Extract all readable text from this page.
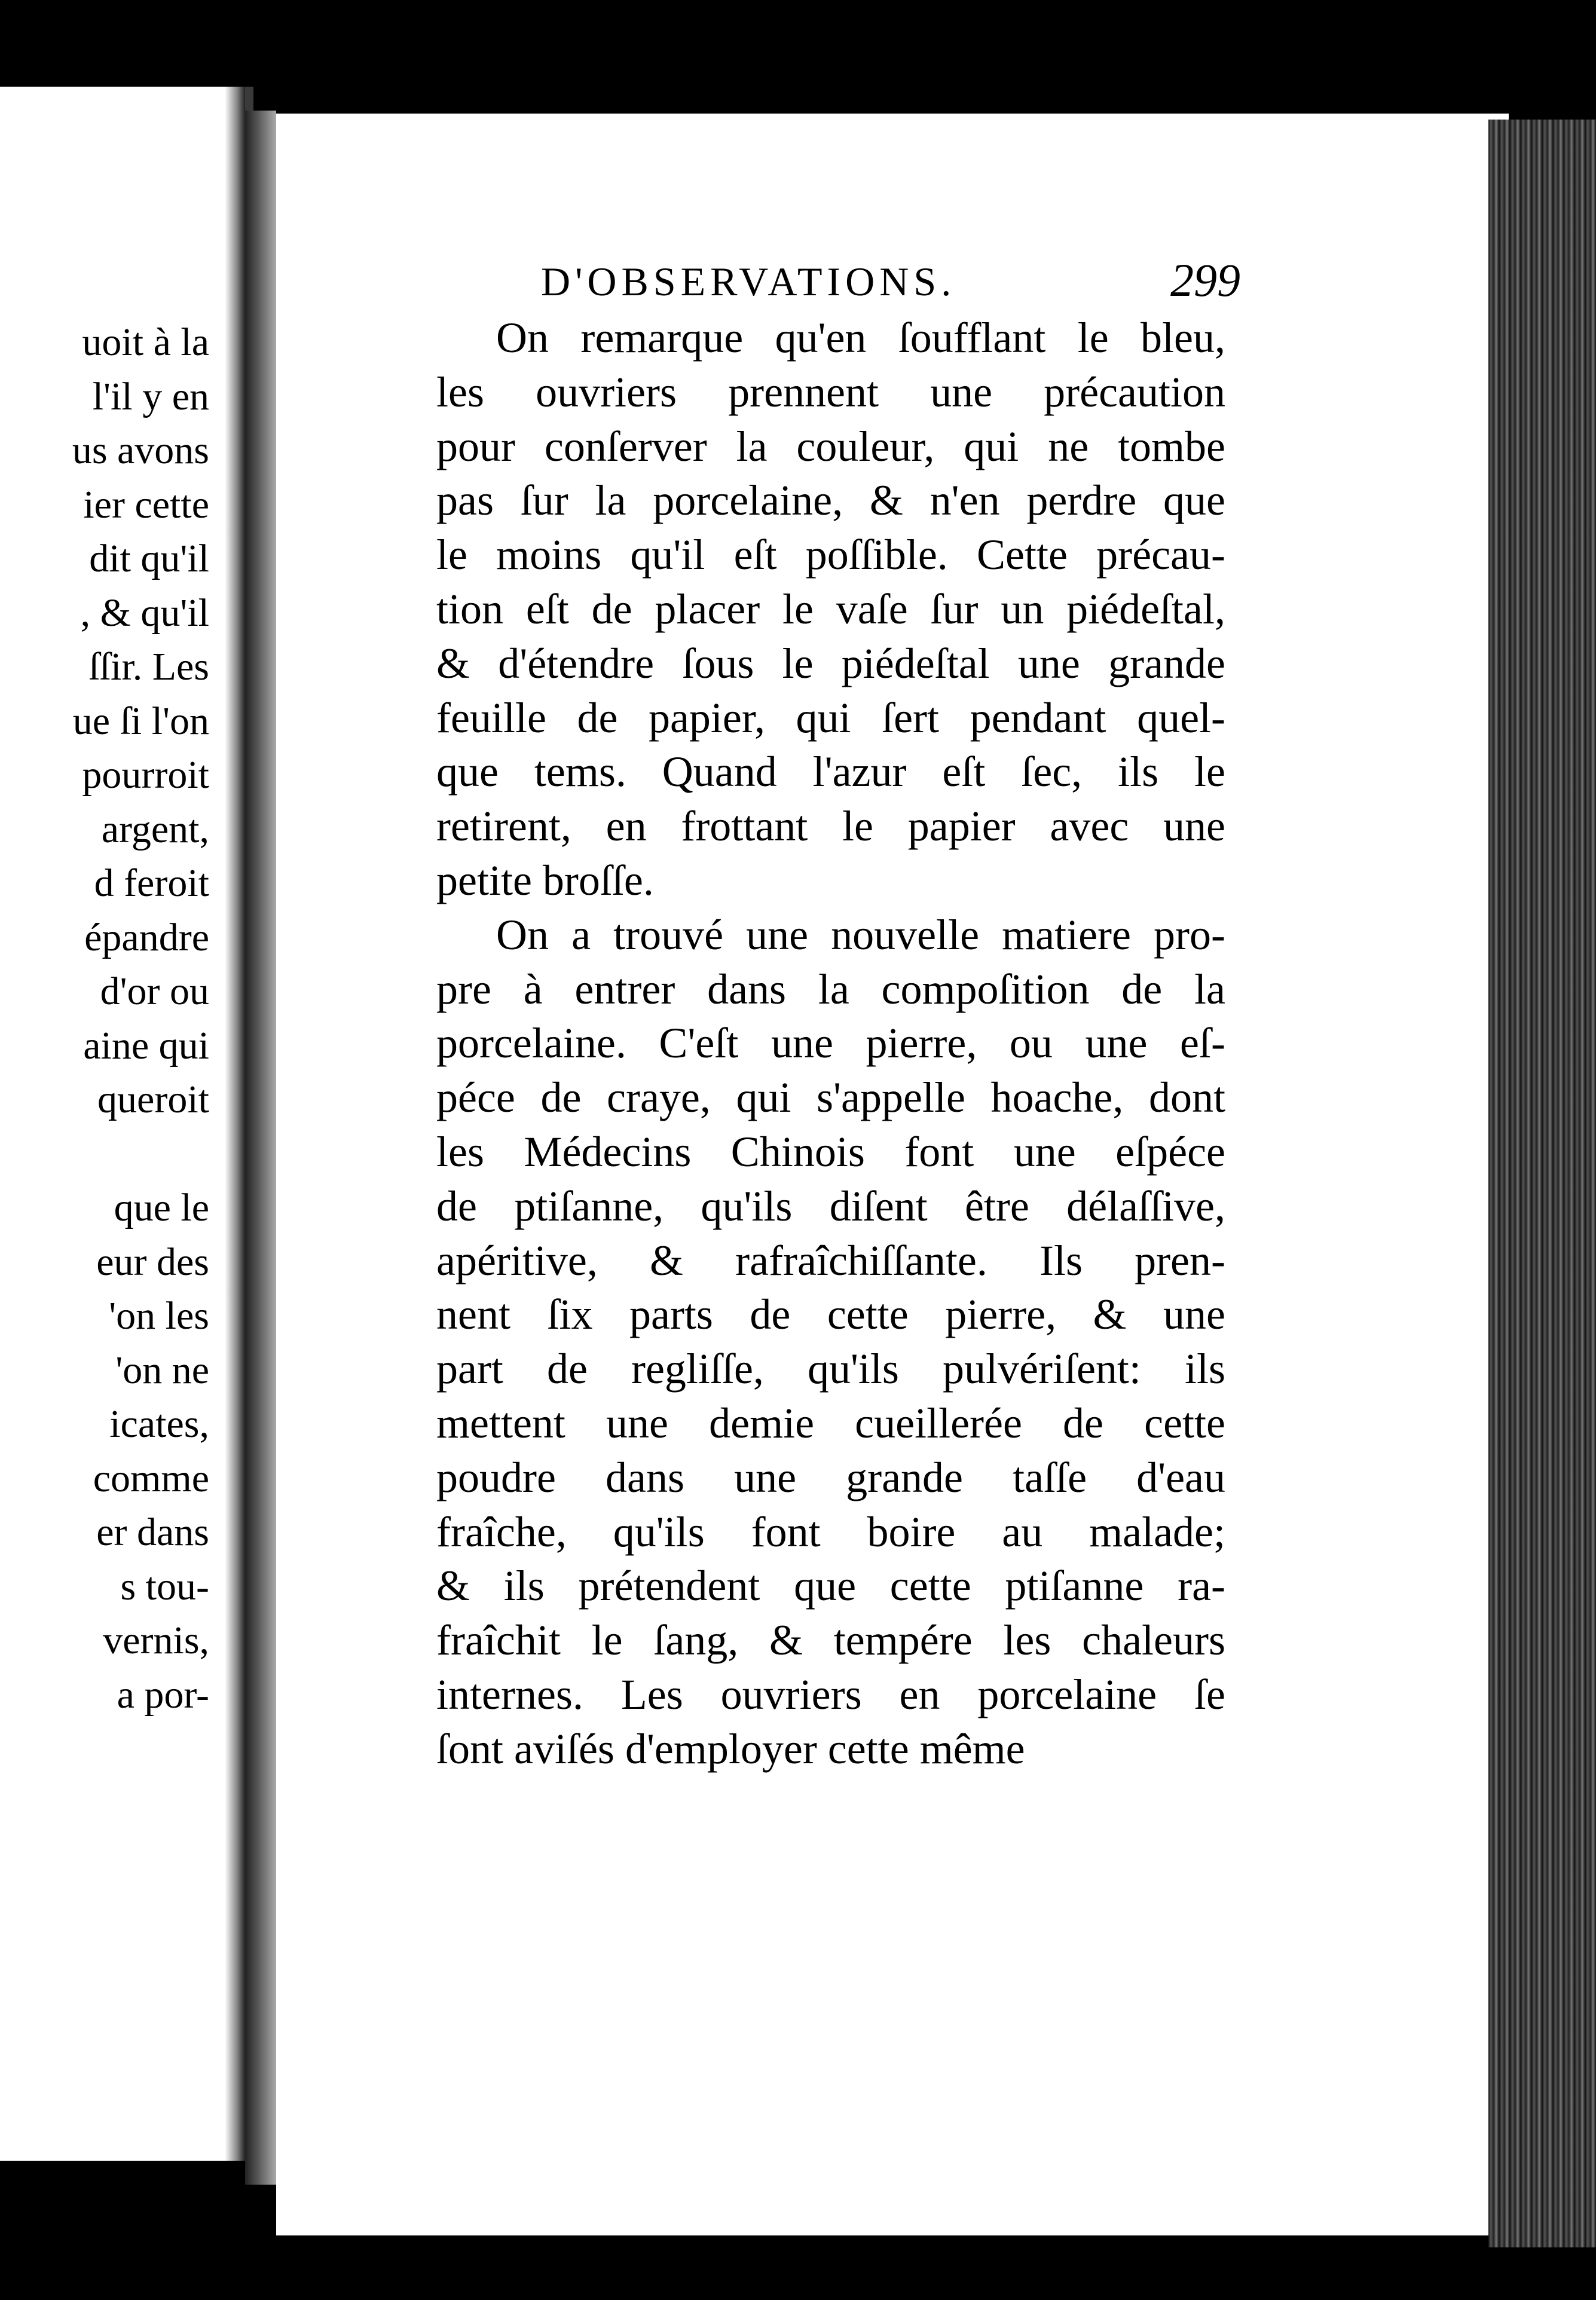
uoit à la
l'il y en
us avons
ier cette
dit qu'il
, & qu'il
ſſir. Les
ue ſi l'on
pourroit
argent,
d feroit
épandre
d'or ou
aine qui
queroit
que le
eur des
'on les
'on ne
icates,
comme
er dans
s tou-
vernis,
a por-
D'OBSERVATIONS.	299
On remarque qu'en ſoufflant le bleu,
les ouvriers prennent une précaution
pour conſerver la couleur, qui ne tombe
pas ſur la porcelaine, & n'en perdre que
le moins qu'il eſt poſſible. Cette précau-
tion eſt de placer le vaſe ſur un piédeſtal,
& d'étendre ſous le piédeſtal une grande
feuille de papier, qui ſert pendant quel-
que tems. Quand l'azur eſt ſec, ils le
retirent, en frottant le papier avec une
petite broſſe.
On a trouvé une nouvelle matiere pro-
pre à entrer dans la compoſition de la
porcelaine. C'eſt une pierre, ou une eſ-
péce de craye, qui s'appelle hoache, dont
les Médecins Chinois font une eſpéce
de ptiſanne, qu'ils diſent être délaſſive,
apéritive, & rafraîchiſſante. Ils pren-
nent ſix parts de cette pierre, & une
part de regliſſe, qu'ils pulvériſent: ils
mettent une demie cueillerée de cette
poudre dans une grande taſſe d'eau
fraîche, qu'ils font boire au malade;
& ils prétendent que cette ptiſanne ra-
fraîchit le ſang, & tempére les chaleurs
internes. Les ouvriers en porcelaine ſe
ſont aviſés d'employer cette même
